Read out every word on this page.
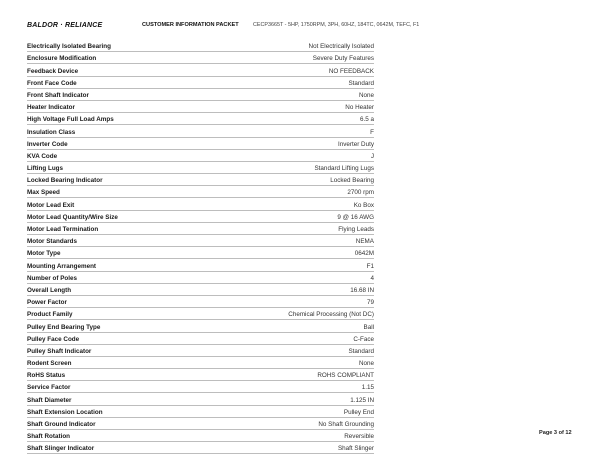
BALDOR · RELIANCE	CUSTOMER INFORMATION PACKET	CECP3665T - 5HP, 1750RPM, 3PH, 60HZ, 184TC, 0642M, TEFC, F1
Electrically Isolated Bearing	Not Electrically Isolated
Enclosure Modification	Severe Duty Features
Feedback Device	NO FEEDBACK
Front Face Code	Standard
Front Shaft Indicator	None
Heater Indicator	No Heater
High Voltage Full Load Amps	6.5 a
Insulation Class	F
Inverter Code	Inverter Duty
KVA Code	J
Lifting Lugs	Standard Lifting Lugs
Locked Bearing Indicator	Locked Bearing
Max Speed	2700 rpm
Motor Lead Exit	Ko Box
Motor Lead Quantity/Wire Size	9 @ 16 AWG
Motor Lead Termination	Flying Leads
Motor Standards	NEMA
Motor Type	0642M
Mounting Arrangement	F1
Number of Poles	4
Overall Length	16.68 IN
Power Factor	79
Product Family	Chemical Processing (Not DC)
Pulley End Bearing Type	Ball
Pulley Face Code	C-Face
Pulley Shaft Indicator	Standard
Rodent Screen	None
RoHS Status	ROHS COMPLIANT
Service Factor	1.15
Shaft Diameter	1.125 IN
Shaft Extension Location	Pulley End
Shaft Ground Indicator	No Shaft Grounding
Shaft Rotation	Reversible
Shaft Slinger Indicator	Shaft Slinger
Page 3 of 12
